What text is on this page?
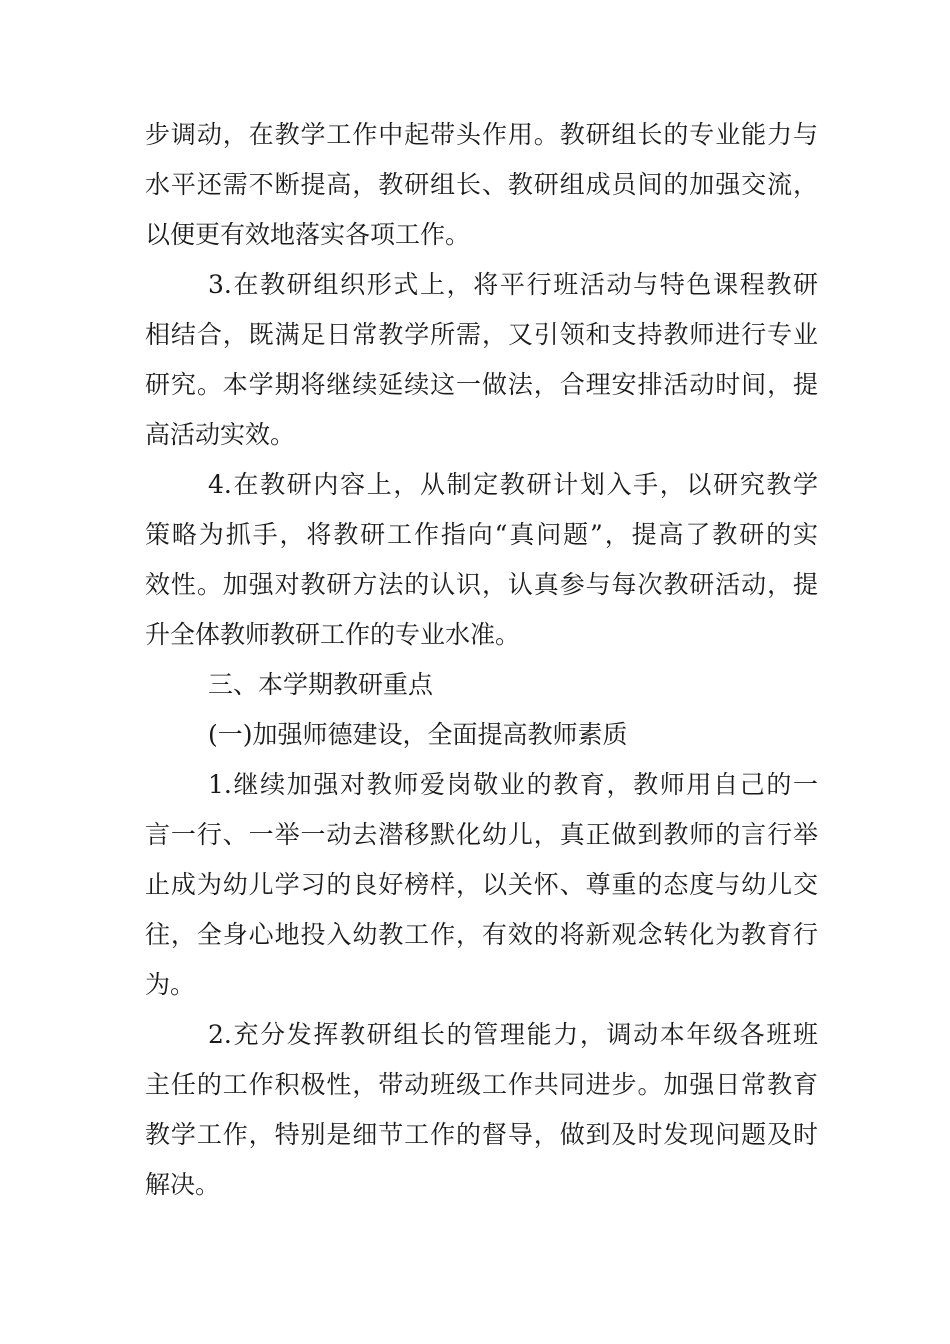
步调动，在教学工作中起带头作用。教研组长的专业能力与
水平还需不断提高，教研组长、教研组成员间的加强交流，
以便更有效地落实各项工作。
3.在教研组织形式上，将平行班活动与特色课程教研
相结合，既满足日常教学所需，又引领和支持教师进行专业
研究。本学期将继续延续这一做法，合理安排活动时间，提
高活动实效。
4.在教研内容上，从制定教研计划入手，以研究教学
策略为抓手，将教研工作指向“真问题”，提高了教研的实
效性。加强对教研方法的认识，认真参与每次教研活动，提
升全体教师教研工作的专业水准。
三、本学期教研重点
(一)加强师德建设，全面提高教师素质
1.继续加强对教师爱岗敬业的教育，教师用自己的一
言一行、一举一动去潜移默化幼儿，真正做到教师的言行举
止成为幼儿学习的良好榜样，以关怀、尊重的态度与幼儿交
往，全身心地投入幼教工作，有效的将新观念转化为教育行
为。
2.充分发挥教研组长的管理能力，调动本年级各班班
主任的工作积极性，带动班级工作共同进步。加强日常教育
教学工作，特别是细节工作的督导，做到及时发现问题及时
解决。
